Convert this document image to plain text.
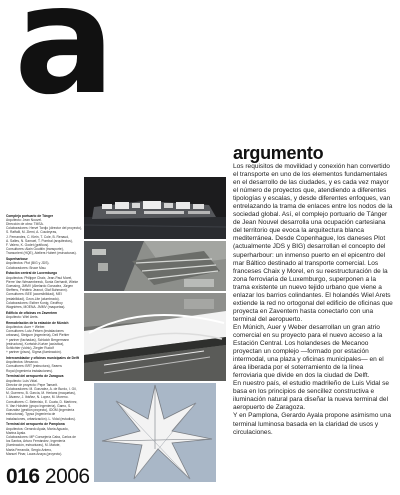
a
argumento
Los requisitos de movilidad y conexión han convertido el transporte en uno de los elementos fundamentales en el desarrollo de las ciudades, y es cada vez mayor el número de proyectos que, atendiendo a diferentes tipologías y escalas, y desde diferentes enfoques, van entrelazando la trama de enlaces entre los nodos de la sociedad global. Así, el complejo portuario de Tánger de Jean Nouvel desarrolla una ocupación cartesiana del territorio que evoca la arquitectura blanca mediterránea. Desde Copenhague, los daneses Plot (actualmente JDS y BIG) desarrollan el concepto del superharbour: un inmenso puerto en el epicentro del mar Báltico destinado al transporte comercial. Los franceses Chaix y Morel, en su reestructuración de la zona ferroviaria de Luxemburgo, superponen a la trama existente un nuevo tejido urbano que viene a enlazar los barrios colindantes. El holandés Wiel Arets extiende la red no ortogonal del edificio de oficinas que proyecta en Zaventem hasta conectarlo con una terminal del aeropuerto.
En Múnich, Auer y Weber desarrollan un gran atrio comercial en su proyecto para el nuevo acceso a la Estación Central. Los holandeses de Mecanoo proyectan un complejo —formado por estación intermodal, una plaza y oficinas municipales— en el área liberada por el soterramiento de la línea ferroviaria que divide en dos la ciudad de Delft.
En nuestro país, el estudio madrileño de Luis Vidal se basa en los principios de sencillez constructiva e iluminación natural para diseñar la nueva terminal del aeropuerto de Zaragoza.
Y en Pamplona, Gerardo Ayala propone asimismo una terminal luminosa basada en la claridad de usos y circulaciones.
Complejo portuario de Tánger
Arquitecto: Jean Nouvel.
Dirección de obra: TMSA.
Colaboradores: Hervé Tordjo (director del proyecto), S. Raffalli, M. Ziemi, A. Coudeyras,
J. Fernandes, C. Klein, T. Cole, B. Renaud,
A. Salles, N. Samuel, T. Pombal (arquitectos),
F. Valero, K. Godet (gráficos).
Consultores: Alain Goublin (transporte),
Transorient (HQE), Ateliers Hubert (estructuras).
Superharbour
Arquitectos: Plot (BIG y JDS).
Colaboradores: Bruce Mau.
Estación central de Luxemburgo
Arquitectos: Philippe Chaix, Jean-Paul Morel,
Pierre Van Wessenbeeck, Sonia Gerhardt, Wieke
Goessing, JMMV (Abelardo Gonzalez, Jürgen
Steffens, Frédéric Jeanot, Olaf Buhmann).
Consultores: BEE (accesibilidad), MEI
(estabilidad), Ozon-Lite (alumbrado).
Colaboradores: Esther Konig, Geoffroy
Wagnières, MOENA. JMMV (maquetas).
Edificio de oficinas en Zaventem
Arquitecto: Wiel Arets.
Remodelación de la estación de Múnich
Arquitectos: Auer + Weber.
Consultores: Lutz-Felsen (instalaciones
urbanas), Steigum (ingeniería), Dell Piehler
+ partner (fachadas), Schlaich Bergermann
(estructura), Kortwich-Kurtze (acústica),
Schlichter (vidrio), Ziegler Rudolf
+ partner (pisos), Sigma (iluminación).
Intercambiador y oficinas municipales de Delft
Arquitectos: Mecanoo.
Consultores: BRT (estructura), Searns
Royal (ingeniería instalaciones).
Terminal del aeropuerto de Zaragoza
Arquitecto: Luis Vidal.
Director de proyecto: Pepe Tamarit.
Colaboradores: M. Gonzalez, A. de Burdo, I. Gil,
M. Guerrero, B. García, M. Herlans (maquetas),
I. Álvarez, J. Ibáñez, N. Lopez, M. Moreno.
Consultores: C. Belenisio, E. Cuata, D. Martínez,
V. Van Holstein (grupo Ingeniería), Gamo, S.
Gonzalez (gestión proyecto), IDOM (ingeniería
estructuras), Typsa (Ingeniería de
instalaciones, urbanización). L. Vidal (estudios).
Terminal del aeropuerto de Pamplona
Arquitectos: Gerardo Ayala, María Aguado,
Marina Ayala.
Colaboradores: MP Consejería Caba, Carlos de
los Santos, Arturo Fernández, Ingeniería
(Iluminación, estructuras), M. Matute,
Marta Ferrandiz, Sergio Antero,
Manuel Pinar, Laura Anaya (proyecto).
016 2006
